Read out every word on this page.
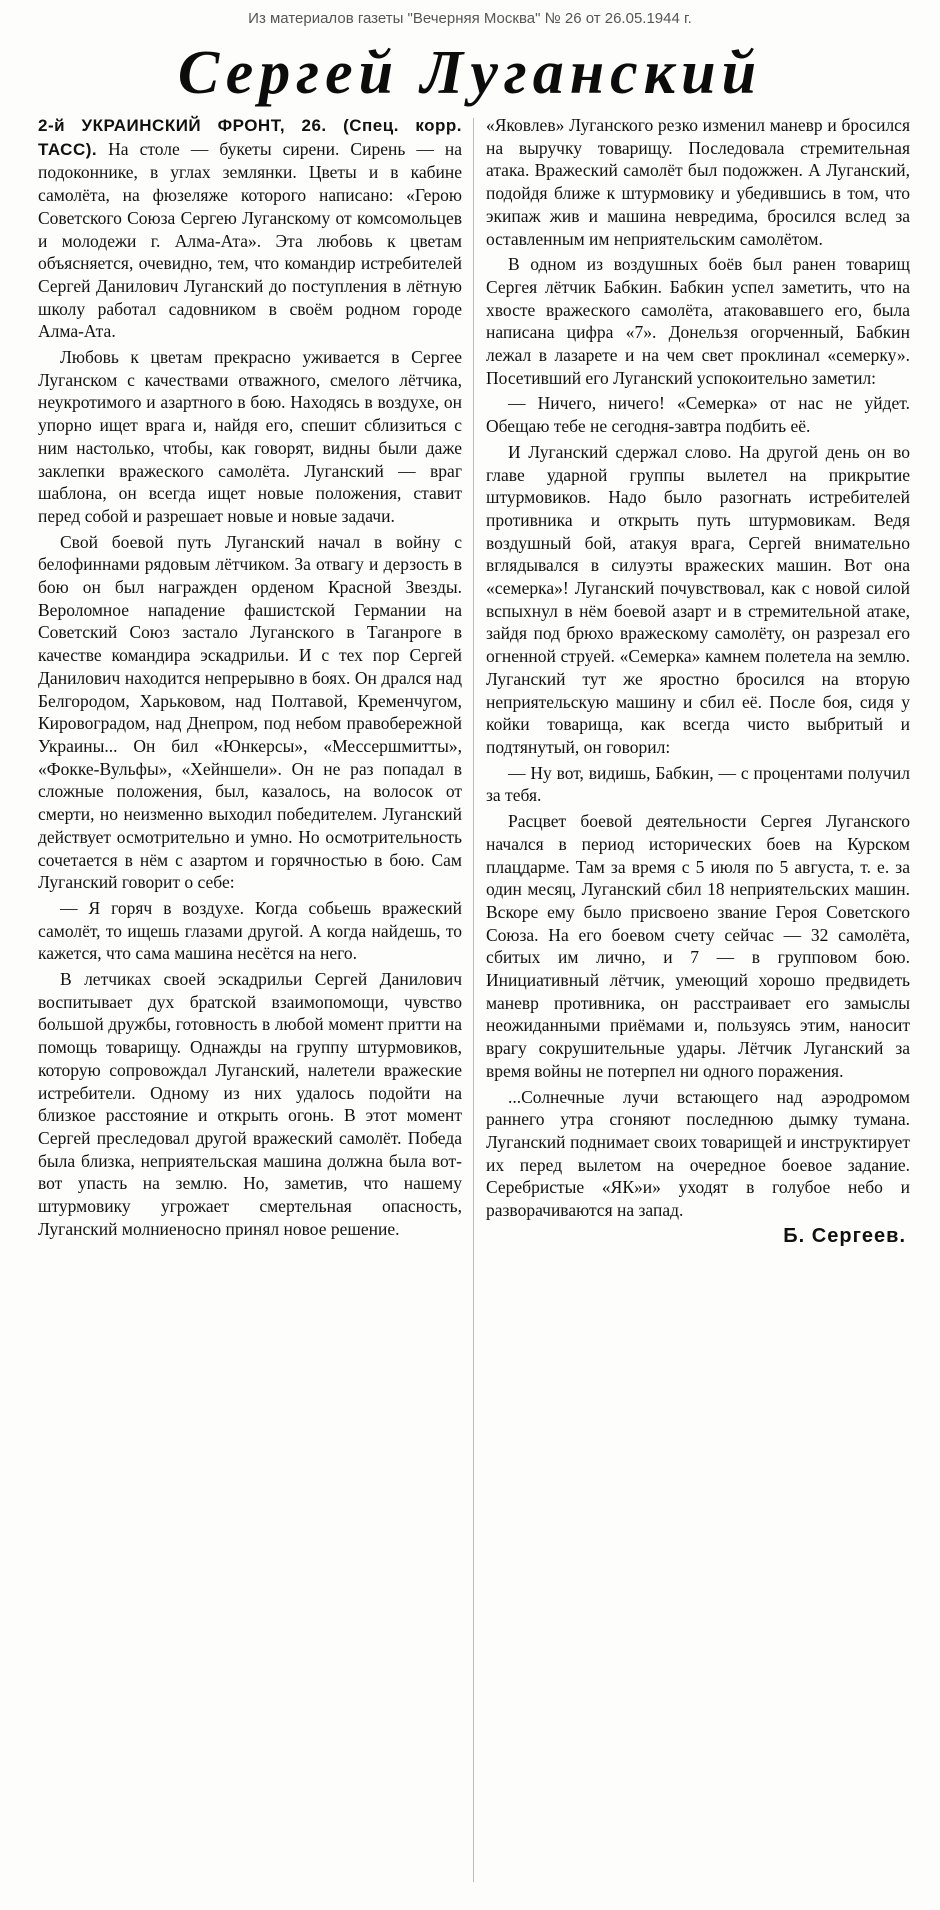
Из материалов газеты "Вечерняя Москва" № 26 от 26.05.1944 г.
Сергей Луганский

2-й УКРАИНСКИЙ ФРОНТ, 26. (Спец. корр. ТАСС). На столе — букеты сирени. Сирень — на подоконнике, в углах землянки. Цветы и в кабине самолёта, на фюзеляже которого написано: «Герою Советского Союза Сергею Луганскому от комсомольцев и молодежи г. Алма-Ата». Эта любовь к цветам объясняется, очевидно, тем, что командир истребителей Сергей Данилович Луганский до поступления в лётную школу работал садовником в своём родном городе Алма-Ата.

Любовь к цветам прекрасно уживается в Сергее Луганском с качествами отважного, смелого лётчика, неукротимого и азартного в бою. Находясь в воздухе, он упорно ищет врага и, найдя его, спешит сблизиться с ним настолько, чтобы, как говорят, видны были даже заклепки вражеского самолёта. Луганский — враг шаблона, он всегда ищет новые положения, ставит перед собой и разрешает новые и новые задачи.

Свой боевой путь Луганский начал в войну с белофиннами рядовым лётчиком. За отвагу и дерзость в бою он был награжден орденом Красной Звезды. Вероломное нападение фашистской Германии на Советский Союз застало Луганского в Таганроге в качестве командира эскадрильи. И с тех пор Сергей Данилович находится непрерывно в боях. Он дрался над Белгородом, Харьковом, над Полтавой, Кременчугом, Кировоградом, над Днепром, под небом правобережной Украины... Он бил «Юнкерсы», «Мессершмитты», «Фокке-Вульфы», «Хейншели». Он не раз попадал в сложные положения, был, казалось, на волосок от смерти, но неизменно выходил победителем. Луганский действует осмотрительно и умно. Но осмотрительность сочетается в нём с азартом и горячностью в бою. Сам Луганский говорит о себе:

— Я горяч в воздухе. Когда собьешь вражеский самолёт, то ищешь глазами другой. А когда найдешь, то кажется, что сама машина несётся на него.

В летчиках своей эскадрильи Сергей Данилович воспитывает дух братской взаимопомощи, чувство большой дружбы, готовность в любой момент притти на помощь товарищу. Однажды на группу штурмовиков, которую сопровождал Луганский, налетели вражеские истребители. Одному из них удалось подойти на близкое расстояние и открыть огонь. В этот момент Сергей преследовал другой вражеский самолёт. Победа была близка, неприятельская машина должна была вот-вот упасть на землю. Но, заметив, что нашему штурмовику угрожает смертельная опасность, Луганский молниеносно принял новое решение.

«Яковлев» Луганского резко изменил маневр и бросился на выручку товарищу. Последовала стремительная атака. Вражеский самолёт был подожжен. А Луганский, подойдя ближе к штурмовику и убедившись в том, что экипаж жив и машина невредима, бросился вслед за оставленным им неприятельским самолётом.

В одном из воздушных боёв был ранен товарищ Сергея лётчик Бабкин. Бабкин успел заметить, что на хвосте вражеского самолёта, атаковавшего его, была написана цифра «7». Донельзя огорченный, Бабкин лежал в лазарете и на чем свет проклинал «семерку». Посетивший его Луганский успокоительно заметил:

— Ничего, ничего! «Семерка» от нас не уйдет. Обещаю тебе не сегодня-завтра подбить её.

И Луганский сдержал слово. На другой день он во главе ударной группы вылетел на прикрытие штурмовиков. Надо было разогнать истребителей противника и открыть путь штурмовикам. Ведя воздушный бой, атакуя врага, Сергей внимательно вглядывался в силуэты вражеских машин. Вот она «семерка»! Луганский почувствовал, как с новой силой вспыхнул в нём боевой азарт и в стремительной атаке, зайдя под брюхо вражескому самолёту, он разрезал его огненной струей. «Семерка» камнем полетела на землю. Луганский тут же яростно бросился на вторую неприятельскую машину и сбил её. После боя, сидя у койки товарища, как всегда чисто выбритый и подтянутый, он говорил:

— Ну вот, видишь, Бабкин, — с процентами получил за тебя.

Расцвет боевой деятельности Сергея Луганского начался в период исторических боев на Курском плацдарме. Там за время с 5 июля по 5 августа, т. е. за один месяц, Луганский сбил 18 неприятельских машин. Вскоре ему было присвоено звание Героя Советского Союза. На его боевом счету сейчас — 32 самолёта, сбитых им лично, и 7 — в групповом бою. Инициативный лётчик, умеющий хорошо предвидеть маневр противника, он расстраивает его замыслы неожиданными приёмами и, пользуясь этим, наносит врагу сокрушительные удары. Лётчик Луганский за время войны не потерпел ни одного поражения.

...Солнечные лучи встающего над аэродромом раннего утра сгоняют последнюю дымку тумана. Луганский поднимает своих товарищей и инструктирует их перед вылетом на очередное боевое задание. Серебристые «ЯК»и» уходят в голубое небо и разворачиваются на запад.

Б. Сергеев.
